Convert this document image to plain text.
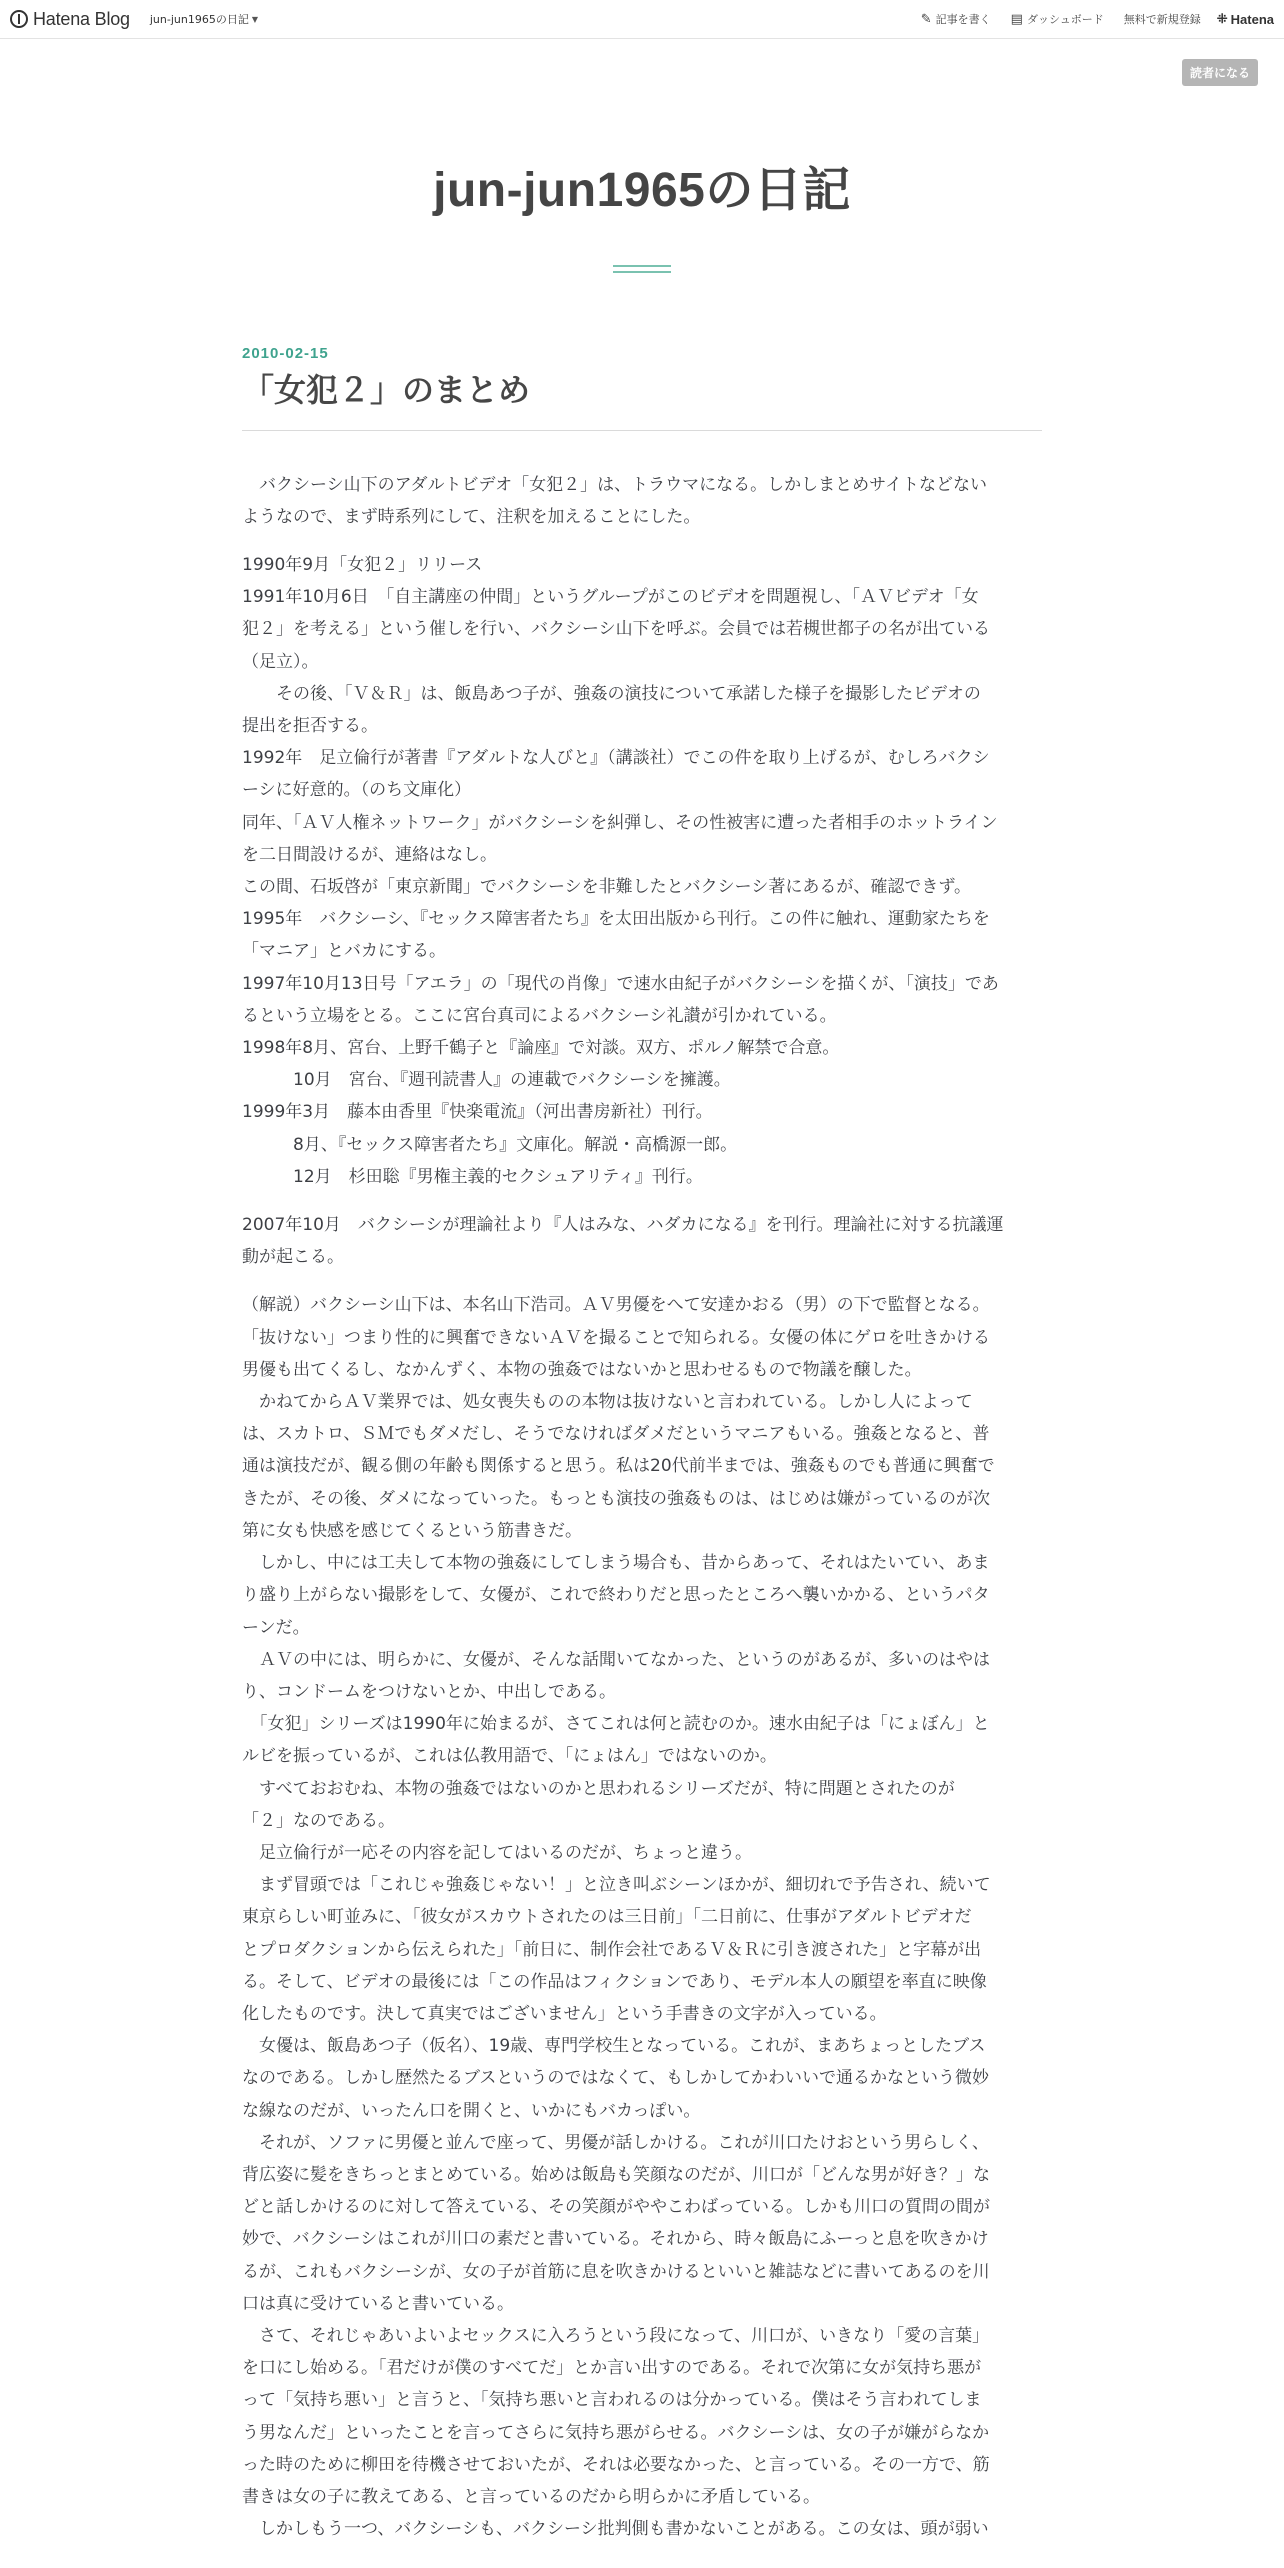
Hatena Blog jun-jun1965の日記 ▼	✎ 記事を書く ▤ ダッシュボード 無料で新規登録 ⁜ Hatena
読者になる
jun-jun1965の日記
2010-02-15
「女犯２」のまとめ

　バクシーシ山下のアダルトビデオ「女犯２」は、トラウマになる。しかしまとめサイトなどない
ようなので、まず時系列にして、注釈を加えることにした。

1990年9月「女犯２」リリース
1991年10月6日　「自主講座の仲間」というグループがこのビデオを問題視し、「ＡＶビデオ「女
犯２」を考える」という催しを行い、バクシーシ山下を呼ぶ。会員では若槻世都子の名が出ている
（足立）。
　　その後、「Ｖ＆Ｒ」は、飯島あつ子が、強姦の演技について承諾した様子を撮影したビデオの
提出を拒否する。
1992年　足立倫行が著書『アダルトな人びと』（講談社）でこの件を取り上げるが、むしろバクシ
ーシに好意的。（のち文庫化）
同年、「ＡＶ人権ネットワーク」がバクシーシを糾弾し、その性被害に遭った者相手のホットライン
を二日間設けるが、連絡はなし。
この間、石坂啓が「東京新聞」でバクシーシを非難したとバクシーシ著にあるが、確認できず。
1995年　バクシーシ、『セックス障害者たち』を太田出版から刊行。この件に触れ、運動家たちを
「マニア」とバカにする。
1997年10月13日号「アエラ」の「現代の肖像」で速水由紀子がバクシーシを描くが、「演技」であ
るという立場をとる。ここに宮台真司によるバクシーシ礼讃が引かれている。
1998年8月、宮台、上野千鶴子と『論座』で対談。双方、ポルノ解禁で合意。
　　　10月　宮台、『週刊読書人』の連載でバクシーシを擁護。
1999年3月　藤本由香里『快楽電流』（河出書房新社）刊行。
　　　8月、『セックス障害者たち』文庫化。解説・高橋源一郎。
　　　12月　杉田聡『男権主義的セクシュアリティ』刊行。

2007年10月　バクシーシが理論社より『人はみな、ハダカになる』を刊行。理論社に対する抗議運
動が起こる。

（解説）バクシーシ山下は、本名山下浩司。ＡＶ男優をへて安達かおる（男）の下で監督となる。
「抜けない」つまり性的に興奮できないＡＶを撮ることで知られる。女優の体にゲロを吐きかける
男優も出てくるし、なかんずく、本物の強姦ではないかと思わせるもので物議を醸した。
　かねてからＡＶ業界では、処女喪失ものの本物は抜けないと言われている。しかし人によって
は、スカトロ、ＳＭでもダメだし、そうでなければダメだというマニアもいる。強姦となると、普
通は演技だが、観る側の年齢も関係すると思う。私は20代前半までは、強姦ものでも普通に興奮で
きたが、その後、ダメになっていった。もっとも演技の強姦ものは、はじめは嫌がっているのが次
第に女も快感を感じてくるという筋書きだ。
　しかし、中には工夫して本物の強姦にしてしまう場合も、昔からあって、それはたいてい、あま
り盛り上がらない撮影をして、女優が、これで終わりだと思ったところへ襲いかかる、というパタ
ーンだ。
　ＡＶの中には、明らかに、女優が、そんな話聞いてなかった、というのがあるが、多いのはやは
り、コンドームをつけないとか、中出しである。
　「女犯」シリーズは1990年に始まるが、さてこれは何と読むのか。速水由紀子は「にょぼん」と
ルビを振っているが、これは仏教用語で、「にょはん」ではないのか。
　すべておおむね、本物の強姦ではないのかと思われるシリーズだが、特に問題とされたのが
「２」なのである。
　足立倫行が一応その内容を記してはいるのだが、ちょっと違う。
　まず冒頭では「これじゃ強姦じゃない！」と泣き叫ぶシーンほかが、細切れで予告され、続いて
東京らしい町並みに、「彼女がスカウトされたのは三日前」「二日前に、仕事がアダルトビデオだ
とプロダクションから伝えられた」「前日に、制作会社であるＶ＆Ｒに引き渡された」と字幕が出
る。そして、ビデオの最後には「この作品はフィクションであり、モデル本人の願望を率直に映像
化したものです。決して真実ではございません」という手書きの文字が入っている。
　女優は、飯島あつ子（仮名）、19歳、専門学校生となっている。これが、まあちょっとしたブス
なのである。しかし歴然たるブスというのではなくて、もしかしてかわいいで通るかなという微妙
な線なのだが、いったん口を開くと、いかにもバカっぽい。
　それが、ソファに男優と並んで座って、男優が話しかける。これが川口たけおという男らしく、
背広姿に髪をきちっとまとめている。始めは飯島も笑顔なのだが、川口が「どんな男が好き？」な
どと話しかけるのに対して答えている、その笑顔がややこわばっている。しかも川口の質問の間が
妙で、バクシーシはこれが川口の素だと書いている。それから、時々飯島にふーっと息を吹きかけ
るが、これもバクシーシが、女の子が首筋に息を吹きかけるといいと雑誌などに書いてあるのを川
口は真に受けていると書いている。
　さて、それじゃあいよいよセックスに入ろうという段になって、川口が、いきなり「愛の言葉」
を口にし始める。「君だけが僕のすべてだ」とか言い出すのである。それで次第に女が気持ち悪が
って「気持ち悪い」と言うと、「気持ち悪いと言われるのは分かっている。僕はそう言われてしま
う男なんだ」といったことを言ってさらに気持ち悪がらせる。バクシーシは、女の子が嫌がらなか
った時のために柳田を待機させておいたが、それは必要なかった、と言っている。その一方で、筋
書きは女の子に教えてある、と言っているのだから明らかに矛盾している。
　しかしもう一つ、バクシーシも、バクシーシ批判側も書かないことがある。この女は、頭が弱い
